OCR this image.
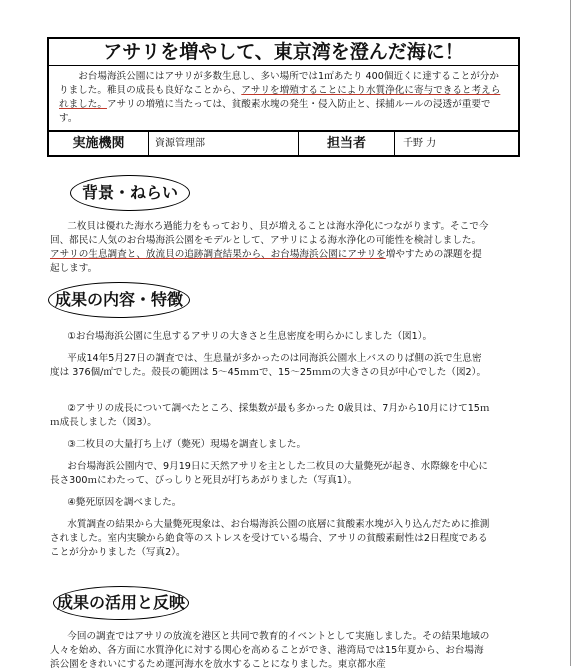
アサリを増やして、東京湾を澄んだ海に！
お台場海浜公園にはアサリが多数生息し、多い場所では1㎡あたり 400個近くに達することが分かりました。稚貝の成長も良好なことから、アサリを増殖することにより水質浄化に寄与できると考えられました。アサリの増殖に当たっては、貧酸素水塊の発生・侵入防止と、採捕ルールの浸透が重要です。
実施機関	資源管理部	担当者	千野 力
背景・ねらい
二枚貝は優れた海水ろ過能力をもっており、貝が増えることは海水浄化につながります。そこで今回、都民に人気のお台場海浜公園をモデルとして、アサリによる海水浄化の可能性を検討しました。アサリの生息調査と、放流貝の追跡調査結果から、お台場海浜公園にアサリを増やすための課題を提起します。
成果の内容・特徴
①お台場海浜公園に生息するアサリの大きさと生息密度を明らかにしました（図1）。
平成14年5月27日の調査では、生息量が多かったのは同海浜公園水上バスのりば側の浜で生息密度は 376個/㎡でした。殻長の範囲は 5～45ｍｍで、15～25ｍｍの大きさの貝が中心でした（図2）。
②アサリの成長について調べたところ、採集数が最も多かった 0歳貝は、7月から10月にけて15ｍｍ成長しました（図3）。
③二枚貝の大量打ち上げ（斃死）現場を調査しました。
お台場海浜公園内で、9月19日に天然アサリを主とした二枚貝の大量斃死が起き、水際線を中心に長さ300ｍにわたって、びっしりと死貝が打ちあがりました（写真1）。
④斃死原因を調べました。
水質調査の結果から大量斃死現象は、お台場海浜公園の底層に貧酸素水塊が入り込んだために推測されました。室内実験から絶食等のストレスを受けている場合、アサリの貧酸素耐性は2日程度であることが分かりました（写真2）。
成果の活用と反映
今回の調査ではアサリの放流を港区と共同で教育的イベントとして実施しました。その結果地域の人々を始め、各方面に水質浄化に対する関心を高めることができ、港湾局では15年夏から、お台場海浜公園をきれいにするため運河海水を放水することになりました。東京都水産
